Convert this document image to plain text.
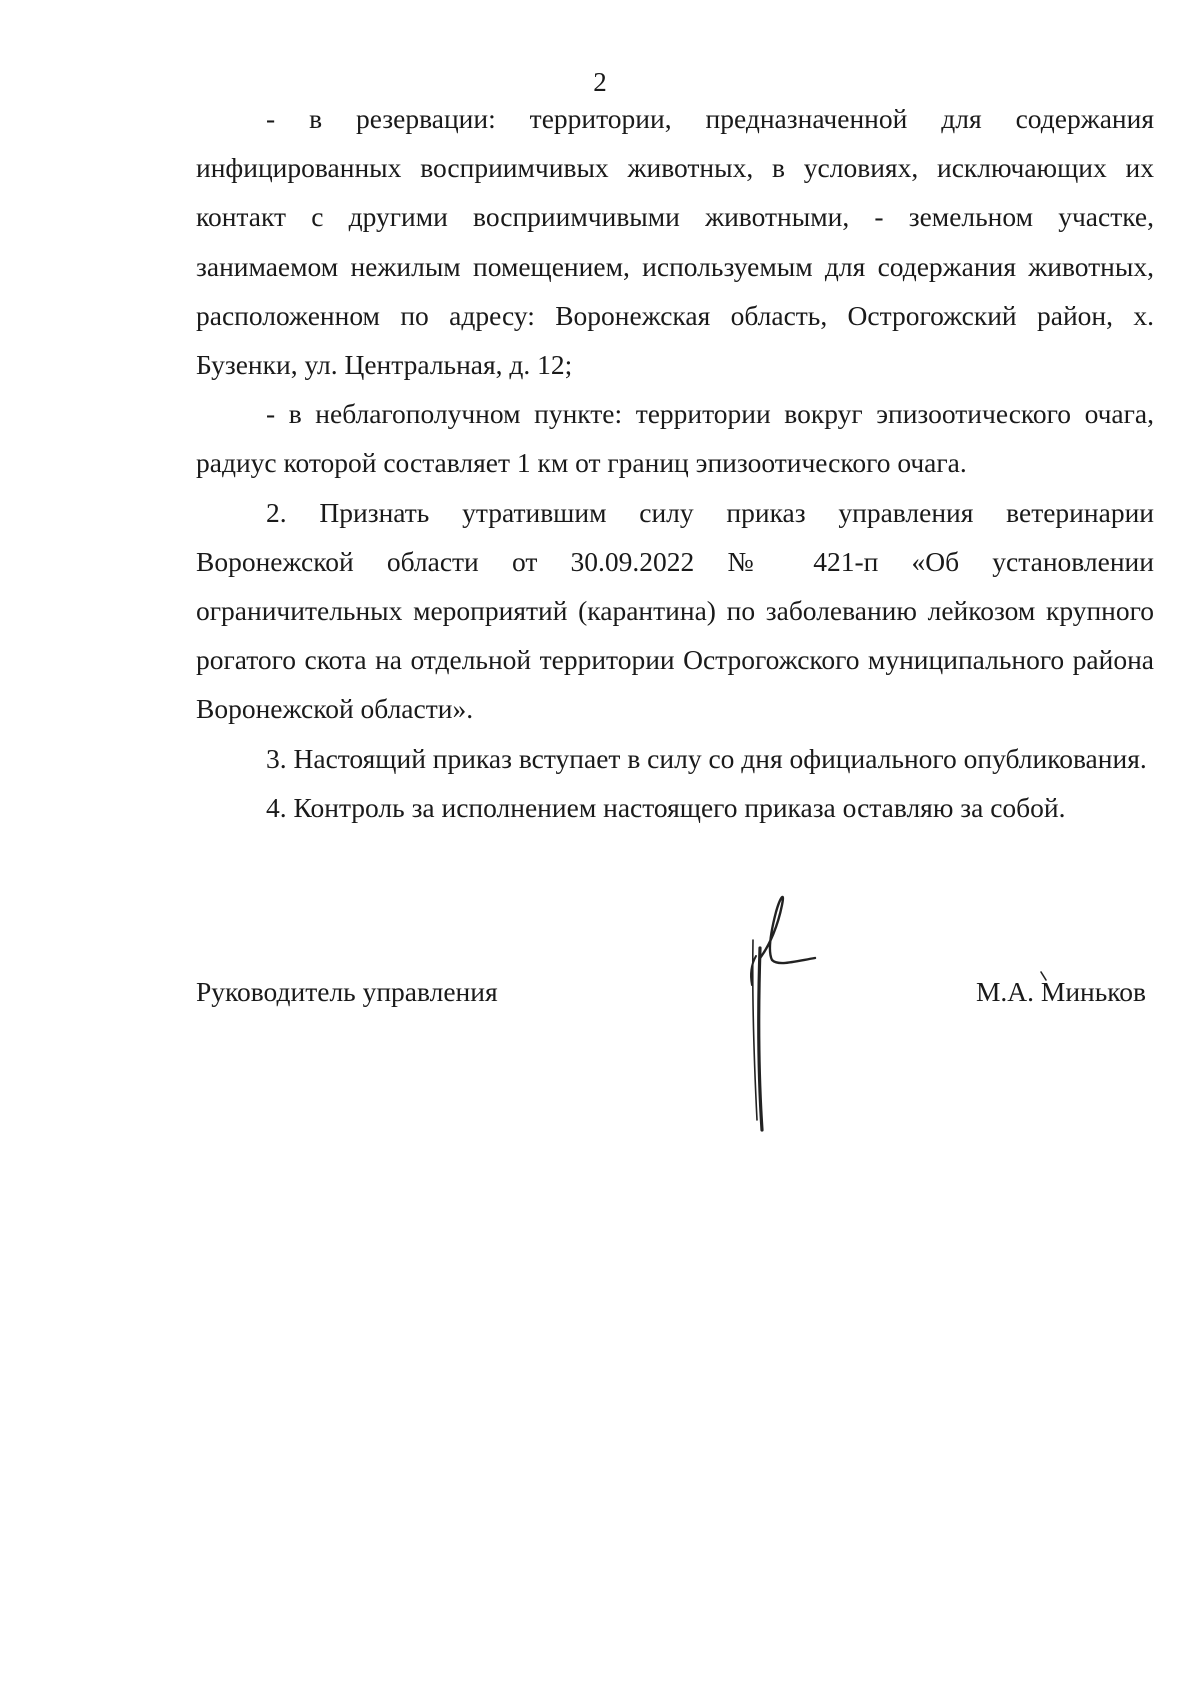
2

- в резервации: территории, предназначенной для содержания инфицированных восприимчивых животных, в условиях, исключающих их контакт с другими восприимчивыми животными, - земельном участке, занимаемом нежилым помещением, используемым для содержания животных, расположенном по адресу: Воронежская область, Острогожский район, х. Бузенки, ул. Центральная, д. 12;

- в неблагополучном пункте: территории вокруг эпизоотического очага, радиус которой составляет 1 км от границ эпизоотического очага.

2. Признать утратившим силу приказ управления ветеринарии Воронежской области от 30.09.2022 № 421-п «Об установлении ограничительных мероприятий (карантина) по заболеванию лейкозом крупного рогатого скота на отдельной территории Острогожского муниципального района Воронежской области».

3. Настоящий приказ вступает в силу со дня официального опубликования.

4. Контроль за исполнением настоящего приказа оставляю за собой.

Руководитель управления	М.А. Миньков
